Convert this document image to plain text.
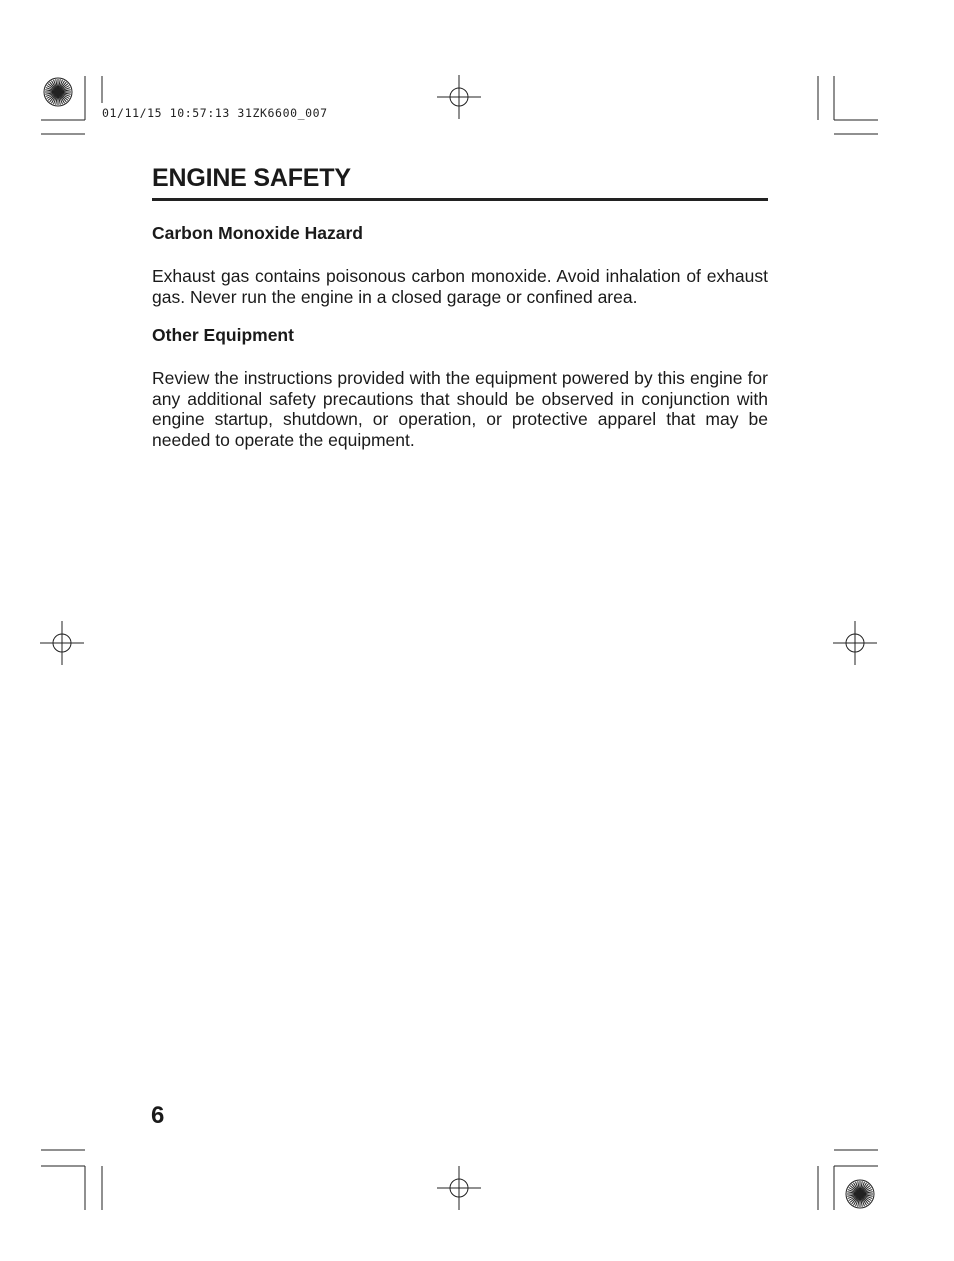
01/11/15 10:57:13 31ZK6600_007
ENGINE SAFETY
Carbon Monoxide Hazard

Exhaust gas contains poisonous carbon monoxide. Avoid inhalation of exhaust gas. Never run the engine in a closed garage or confined area.

Other Equipment

Review the instructions provided with the equipment powered by this engine for any additional safety precautions that should be observed in conjunction with engine startup, shutdown, or operation, or protective apparel that may be needed to operate the equipment.

6
